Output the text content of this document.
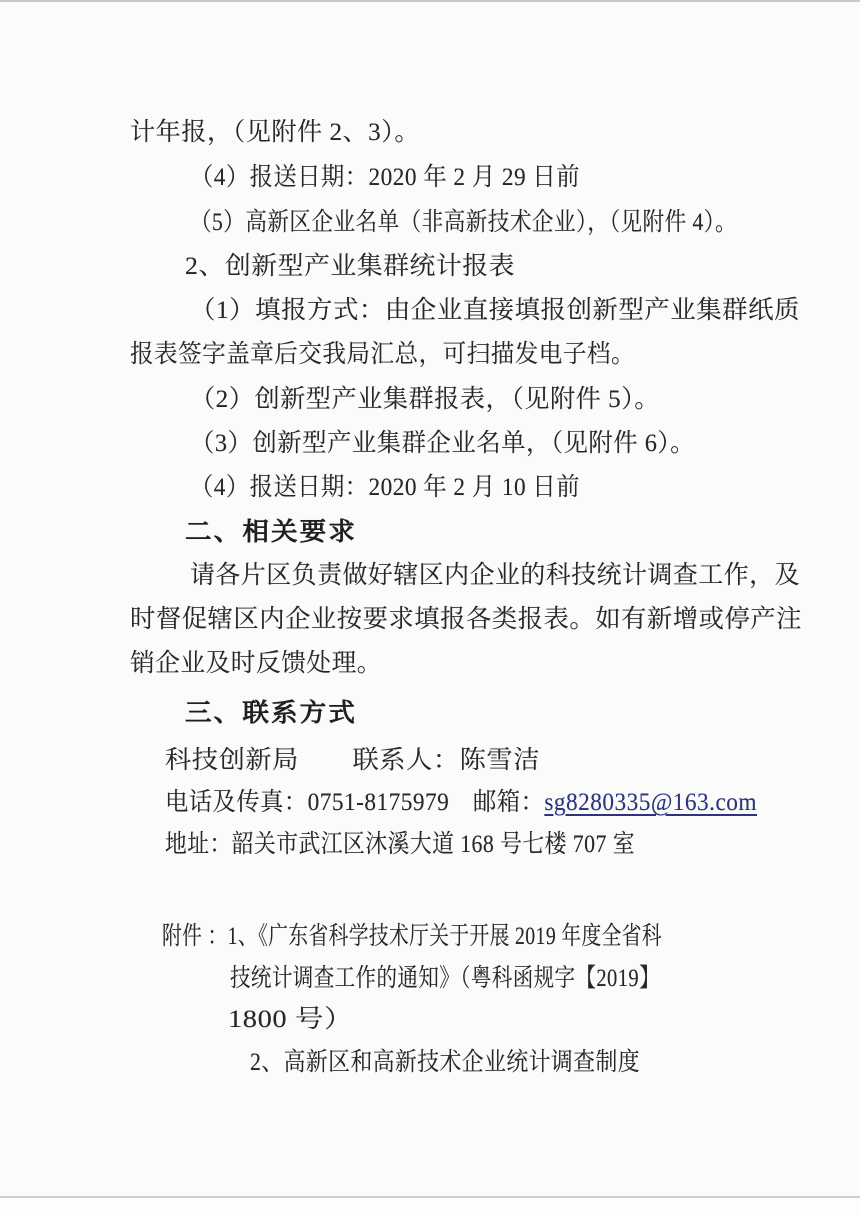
计年报，（见附件 2、3）。
（4）报送日期：2020 年 2 月 29 日前
（5）高新区企业名单（非高新技术企业），（见附件 4）。
2、创新型产业集群统计报表
（1）填报方式：由企业直接填报创新型产业集群纸质
报表签字盖章后交我局汇总，可扫描发电子档。
（2）创新型产业集群报表，（见附件 5）。
（3）创新型产业集群企业名单，（见附件 6）。
（4）报送日期：2020 年 2 月 10 日前
二、相关要求
请各片区负责做好辖区内企业的科技统计调查工作，及
时督促辖区内企业按要求填报各类报表。如有新增或停产注
销企业及时反馈处理。
三、联系方式
科技创新局　　联系人：陈雪洁
电话及传真：0751-8175979　邮箱：sg8280335@163.com
地址：韶关市武江区沐溪大道 168 号七楼 707 室
附件 ：1、《广东省科学技术厅关于开展 2019 年度全省科
技统计调查工作的通知》（粤科函规字【2019】
1800 号）
2、高新区和高新技术企业统计调查制度
